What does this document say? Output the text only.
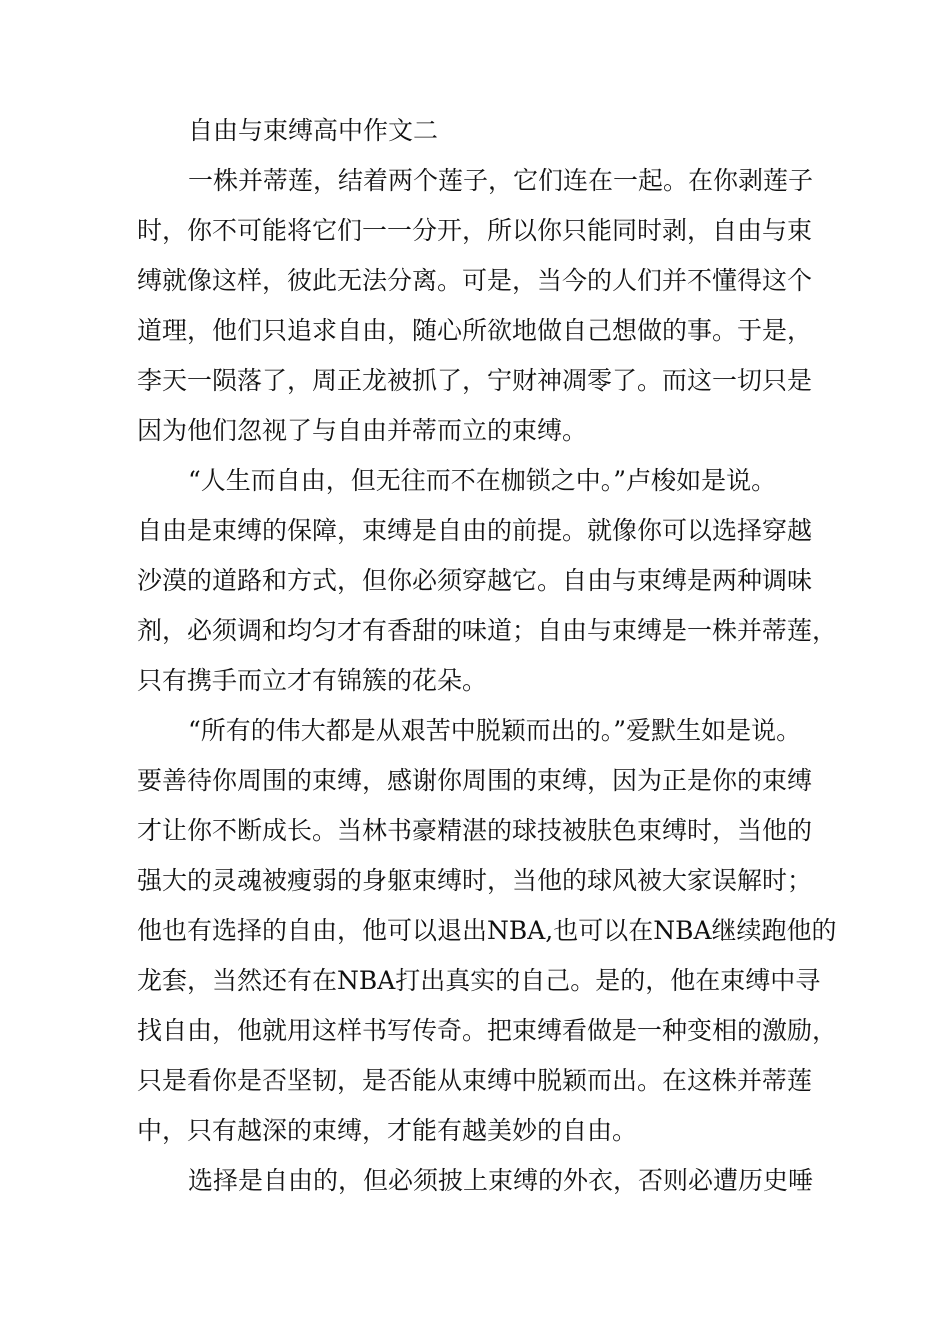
自由与束缚高中作文二

一株并蒂莲，结着两个莲子，它们连在一起。在你剥莲子

时，你不可能将它们一一分开，所以你只能同时剥，自由与束

缚就像这样，彼此无法分离。可是，当今的人们并不懂得这个

道理，他们只追求自由，随心所欲地做自己想做的事。于是，

李天一陨落了，周正龙被抓了，宁财神凋零了。而这一切只是

因为他们忽视了与自由并蒂而立的束缚。

“人生而自由，但无往而不在枷锁之中。”卢梭如是说。

自由是束缚的保障，束缚是自由的前提。就像你可以选择穿越

沙漠的道路和方式，但你必须穿越它。自由与束缚是两种调味

剂，必须调和均匀才有香甜的味道；自由与束缚是一株并蒂莲，

只有携手而立才有锦簇的花朵。

“所有的伟大都是从艰苦中脱颖而出的。”爱默生如是说。

要善待你周围的束缚，感谢你周围的束缚，因为正是你的束缚

才让你不断成长。当林书豪精湛的球技被肤色束缚时，当他的

强大的灵魂被瘦弱的身躯束缚时，当他的球风被大家误解时；

他也有选择的自由，他可以退出NBA,也可以在NBA继续跑他的

龙套，当然还有在NBA打出真实的自己。是的，他在束缚中寻

找自由，他就用这样书写传奇。把束缚看做是一种变相的激励，

只是看你是否坚韧，是否能从束缚中脱颖而出。在这株并蒂莲

中，只有越深的束缚，才能有越美妙的自由。

选择是自由的，但必须披上束缚的外衣，否则必遭历史唾
